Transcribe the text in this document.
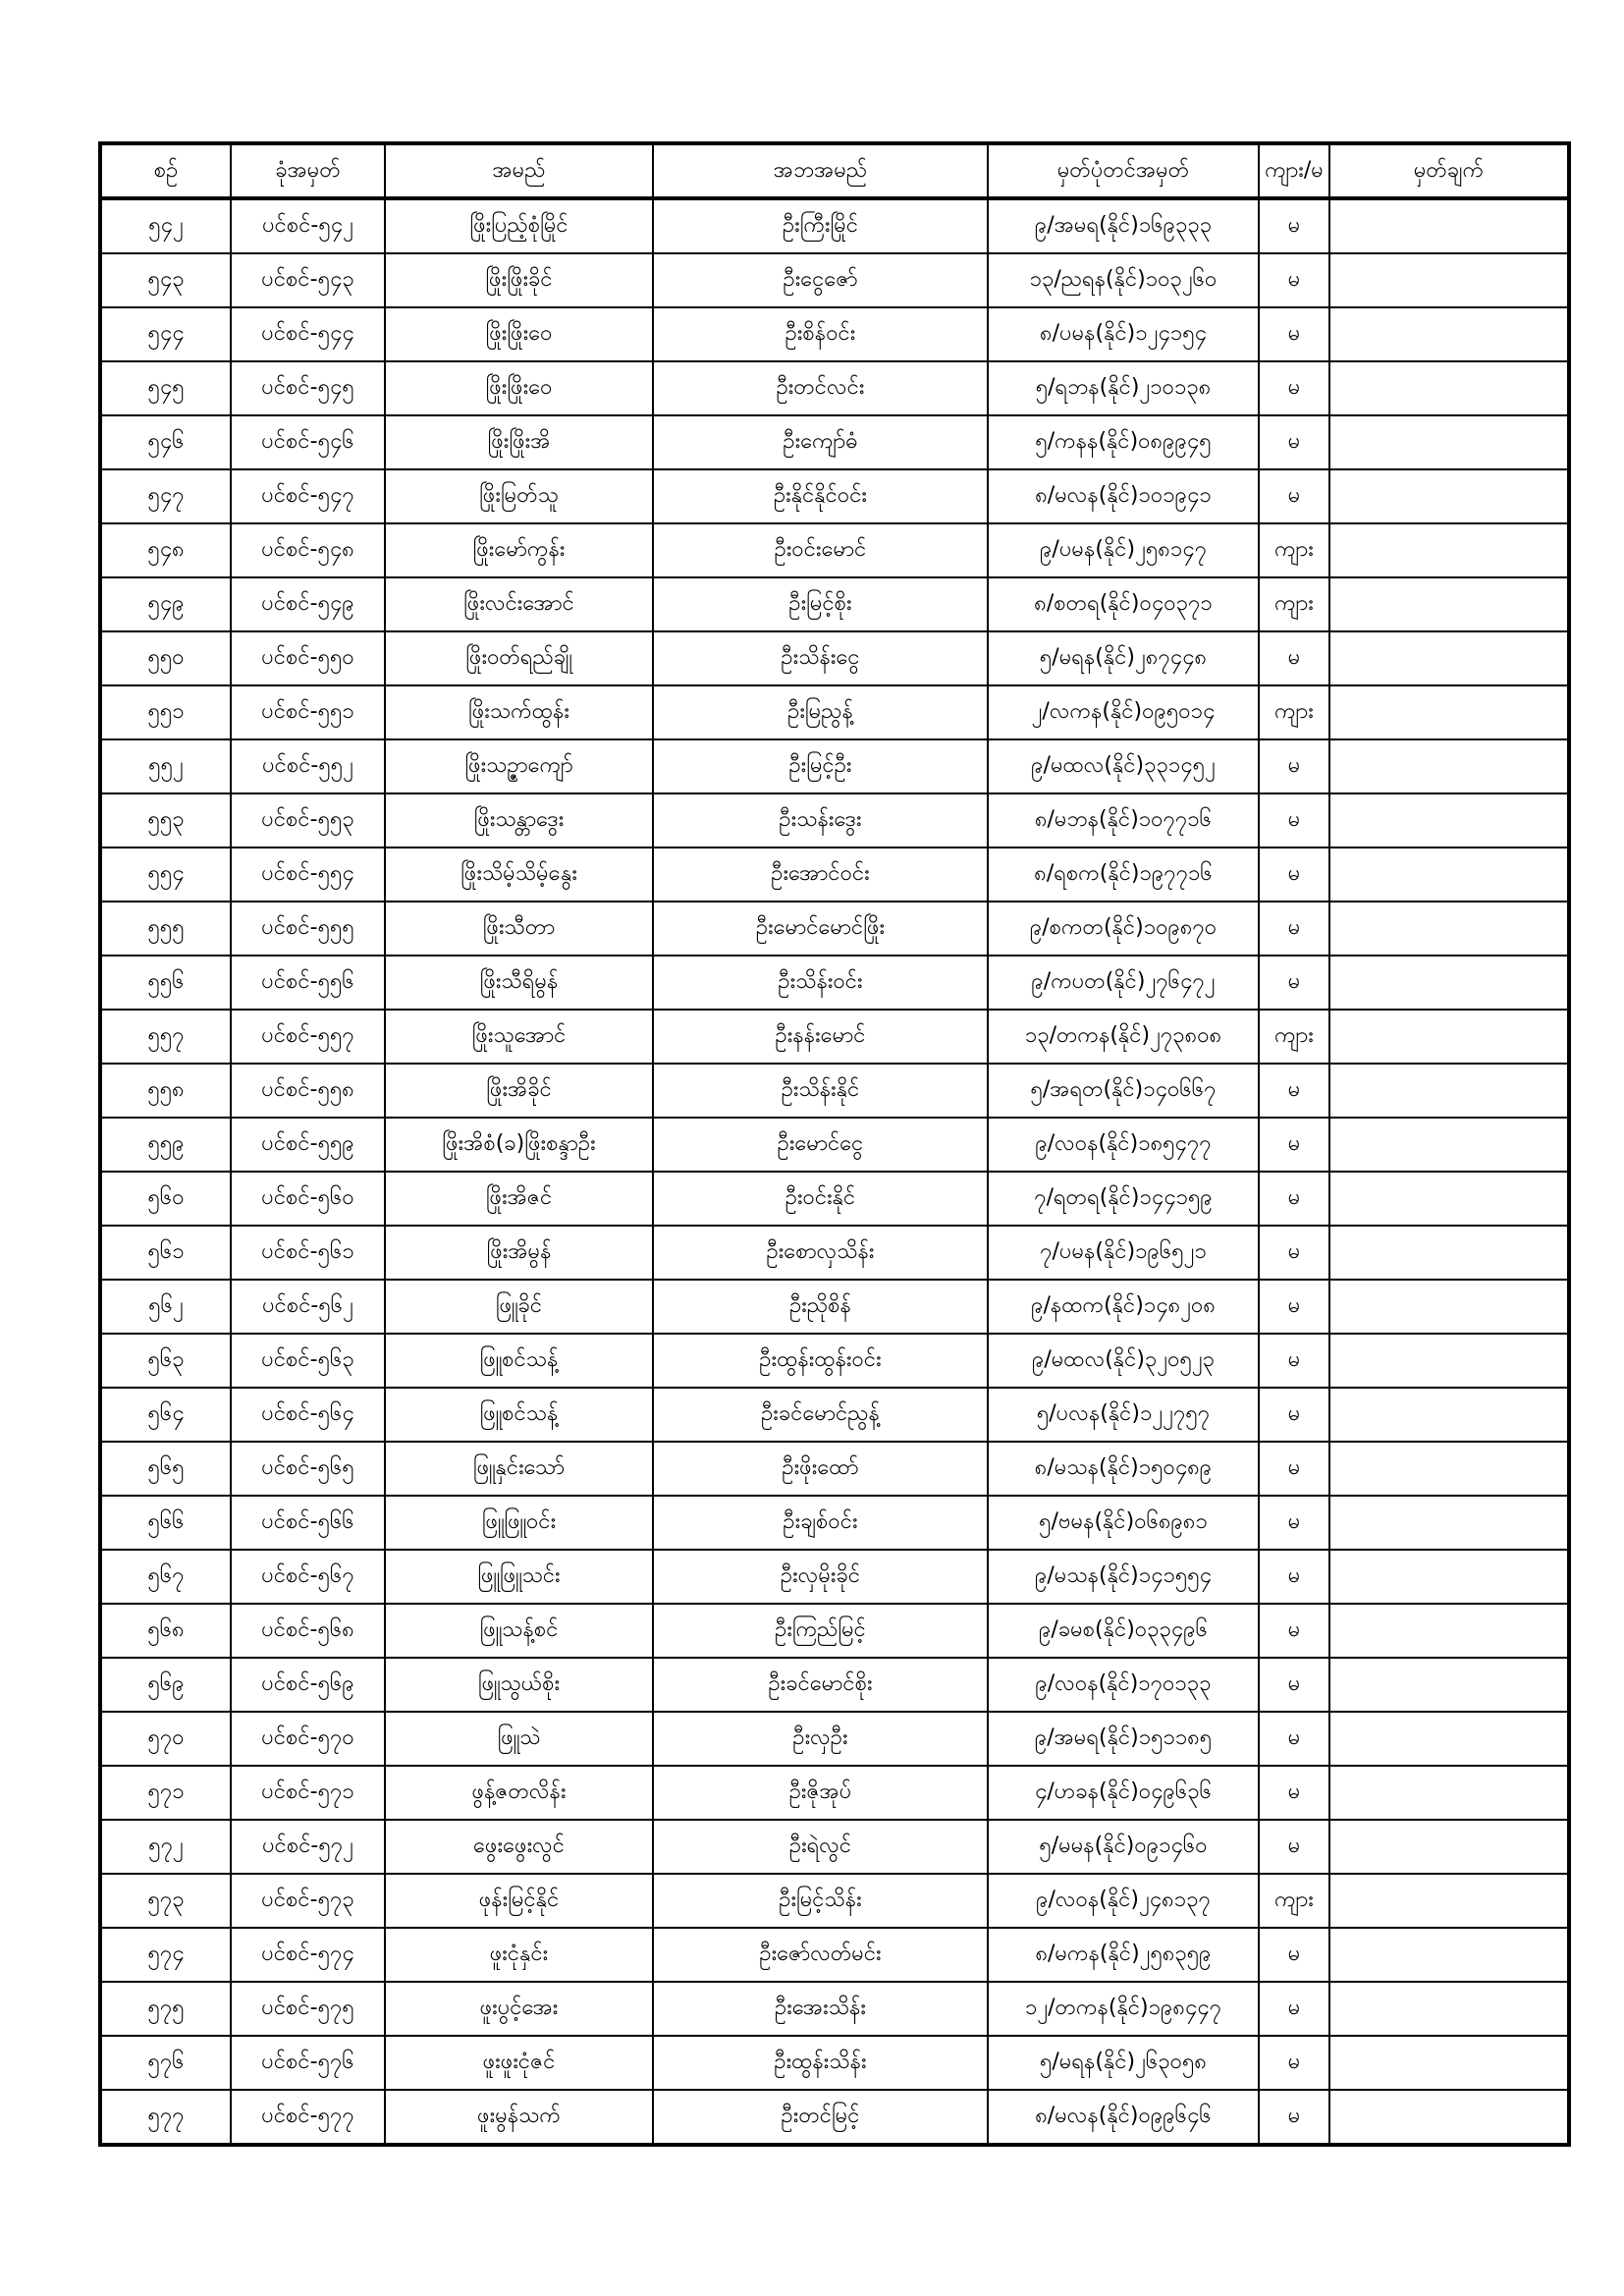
စဉ်	ခုံအမှတ်	အမည်	အဘအမည်	မှတ်ပုံတင်အမှတ်	ကျား/မ	မှတ်ချက်
၅၄၂	ပင်စင်-၅၄၂	ဖြိုးပြည့်စုံမြိုင်	ဦးကြီးမြိုင်	၉/အမရ(နိုင်)၁၆၉၃၃၃	မ	
၅၄၃	ပင်စင်-၅၄၃	ဖြိုးဖြိုးခိုင်	ဦးငွေဇော်	၁၃/ညရန(နိုင်)၁၀၃၂၆၀	မ	
၅၄၄	ပင်စင်-၅၄၄	ဖြိုးဖြိုးဝေ	ဦးစိန်ဝင်း	၈/ပမန(နိုင်)၁၂၄၁၅၄	မ	
၅၄၅	ပင်စင်-၅၄၅	ဖြိုးဖြိုးဝေ	ဦးတင်လင်း	၅/ရဘန(နိုင်)၂၁၀၁၃၈	မ	
၅၄၆	ပင်စင်-၅၄၆	ဖြိုးဖြိုးအိ	ဦးကျော်ဓံ	၅/ကနန(နိုင်)၀၈၉၉၄၅	မ	
၅၄၇	ပင်စင်-၅၄၇	ဖြိုးမြတ်သူ	ဦးနိုင်နိုင်ဝင်း	၈/မလန(နိုင်)၁၀၁၉၄၁	မ	
၅၄၈	ပင်စင်-၅၄၈	ဖြိုးမော်ကွန်း	ဦးဝင်းမောင်	၉/ပမန(နိုင်)၂၅၈၁၄၇	ကျား	
၅၄၉	ပင်စင်-၅၄၉	ဖြိုးလင်းအောင်	ဦးမြင့်စိုး	၈/စတရ(နိုင်)၀၄၀၃၇၁	ကျား	
၅၅၀	ပင်စင်-၅၅၀	ဖြိုးဝတ်ရည်ချို	ဦးသိန်းငွေ	၅/မရန(နိုင်)၂၈၇၄၄၈	မ	
၅၅၁	ပင်စင်-၅၅၁	ဖြိုးသက်ထွန်း	ဦးမြညွန့်	၂/လကန(နိုင်)၀၉၅၀၁၄	ကျား	
၅၅၂	ပင်စင်-၅၅၂	ဖြိုးသဉ္ဇာကျော်	ဦးမြင့်ဦး	၉/မထလ(နိုင်)၃၃၁၄၅၂	မ	
၅၅၃	ပင်စင်-၅၅၃	ဖြိုးသန္တာဒွေး	ဦးသန်းဒွေး	၈/မဘန(နိုင်)၁၀၇၇၁၆	မ	
၅၅၄	ပင်စင်-၅၅၄	ဖြိုးသိမ့်သိမ့်နွေး	ဦးအောင်ဝင်း	၈/ရစက(နိုင်)၁၉၇၇၁၆	မ	
၅၅၅	ပင်စင်-၅၅၅	ဖြိုးသီတာ	ဦးမောင်မောင်ဖြိုး	၉/စကတ(နိုင်)၁၀၉၈၇၀	မ	
၅၅၆	ပင်စင်-၅၅၆	ဖြိုးသီရိမွန်	ဦးသိန်းဝင်း	၉/ကပတ(နိုင်)၂၇၆၄၇၂	မ	
၅၅၇	ပင်စင်-၅၅၇	ဖြိုးသူအောင်	ဦးနန်းမောင်	၁၃/တကန(နိုင်)၂၇၃၈၀၈	ကျား	
၅၅၈	ပင်စင်-၅၅၈	ဖြိုးအိခိုင်	ဦးသိန်းနိုင်	၅/အရတ(နိုင်)၁၄၀၆၆၇	မ	
၅၅၉	ပင်စင်-၅၅၉	ဖြိုးအိစံ(ခ)ဖြိုးစန္ဒာဦး	ဦးမောင်ငွေ	၉/လဝန(နိုင်)၁၈၅၄၇၇	မ	
၅၆၀	ပင်စင်-၅၆၀	ဖြိုးအိဇင်	ဦးဝင်းနိုင်	၇/ရတရ(နိုင်)၁၄၄၁၅၉	မ	
၅၆၁	ပင်စင်-၅၆၁	ဖြိုးအိမွန်	ဦးစောလှသိန်း	၇/ပမန(နိုင်)၁၉၆၅၂၁	မ	
၅၆၂	ပင်စင်-၅၆၂	ဖြူခိုင်	ဦးညိုစိန်	၉/နထက(နိုင်)၁၄၈၂၀၈	မ	
၅၆၃	ပင်စင်-၅၆၃	ဖြူစင်သန့်	ဦးထွန်းထွန်းဝင်း	၉/မထလ(နိုင်)၃၂၀၅၂၃	မ	
၅၆၄	ပင်စင်-၅၆၄	ဖြူစင်သန့်	ဦးခင်မောင်ညွန့်	၅/ပလန(နိုင်)၁၂၂၇၅၇	မ	
၅၆၅	ပင်စင်-၅၆၅	ဖြူနှင်းသော်	ဦးဖိုးထော်	၈/မသန(နိုင်)၁၅၀၄၈၉	မ	
၅၆၆	ပင်စင်-၅၆၆	ဖြူဖြူဝင်း	ဦးချစ်ဝင်း	၅/ဗမန(နိုင်)၀၆၈၉၈၁	မ	
၅၆၇	ပင်စင်-၅၆၇	ဖြူဖြူသင်း	ဦးလှမိုးခိုင်	၉/မသန(နိုင်)၁၄၁၅၅၄	မ	
၅၆၈	ပင်စင်-၅၆၈	ဖြူသန့်စင်	ဦးကြည်မြင့်	၉/ခမစ(နိုင်)၀၃၃၄၉၆	မ	
၅၆၉	ပင်စင်-၅၆၉	ဖြူသွယ်စိုး	ဦးခင်မောင်စိုး	၉/လဝန(နိုင်)၁၇၀၁၃၃	မ	
၅၇၀	ပင်စင်-၅၇၀	ဖြူသဲ	ဦးလှဦး	၉/အမရ(နိုင်)၁၅၁၁၈၅	မ	
၅၇၁	ပင်စင်-၅၇၁	ဖွန့်ဇတလိန်း	ဦးဇိုအုပ်	၄/ဟခန(နိုင်)၀၄၉၆၃၆	မ	
၅၇၂	ပင်စင်-၅၇၂	ဖွေးဖွေးလွင်	ဦးရဲလွင်	၅/မမန(နိုင်)၀၉၁၄၆၀	မ	
၅၇၃	ပင်စင်-၅၇၃	ဖုန်းမြင့်နိုင်	ဦးမြင့်သိန်း	၉/လဝန(နိုင်)၂၄၈၁၃၇	ကျား	
၅၇၄	ပင်စင်-၅၇၄	ဖူးငုံနှင်း	ဦးဇော်လတ်မင်း	၈/မကန(နိုင်)၂၅၈၃၅၉	မ	
၅၇၅	ပင်စင်-၅၇၅	ဖူးပွင့်အေး	ဦးအေးသိန်း	၁၂/တကန(နိုင်)၁၉၈၄၄၇	မ	
၅၇၆	ပင်စင်-၅၇၆	ဖူးဖူးငုံဇင်	ဦးထွန်းသိန်း	၅/မရန(နိုင်)၂၆၃၀၅၈	မ	
၅၇၇	ပင်စင်-၅၇၇	ဖူးမွန်သက်	ဦးတင်မြင့်	၈/မလန(နိုင်)၀၉၉၆၄၆	မ	
